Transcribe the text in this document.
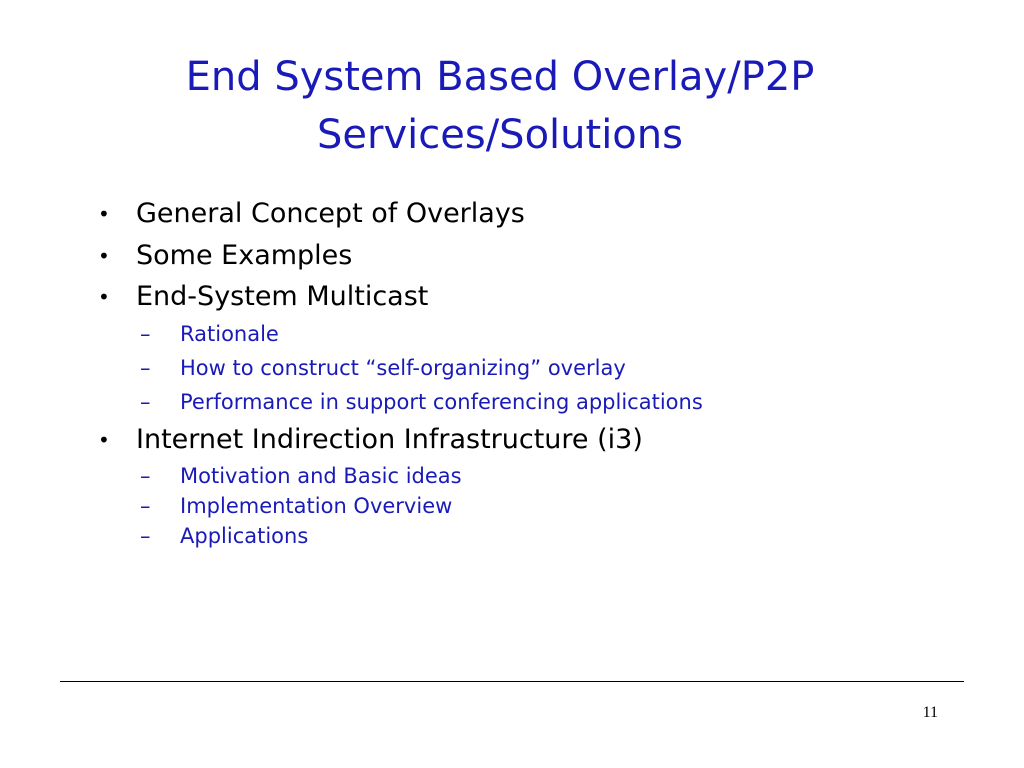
End System Based Overlay/P2P
Services/Solutions
• General Concept of Overlays
• Some Examples
• End-System Multicast
– Rationale
– How to construct “self-organizing” overlay
– Performance in support conferencing applications
• Internet Indirection Infrastructure (i3)
– Motivation and Basic ideas
– Implementation Overview
– Applications
11
